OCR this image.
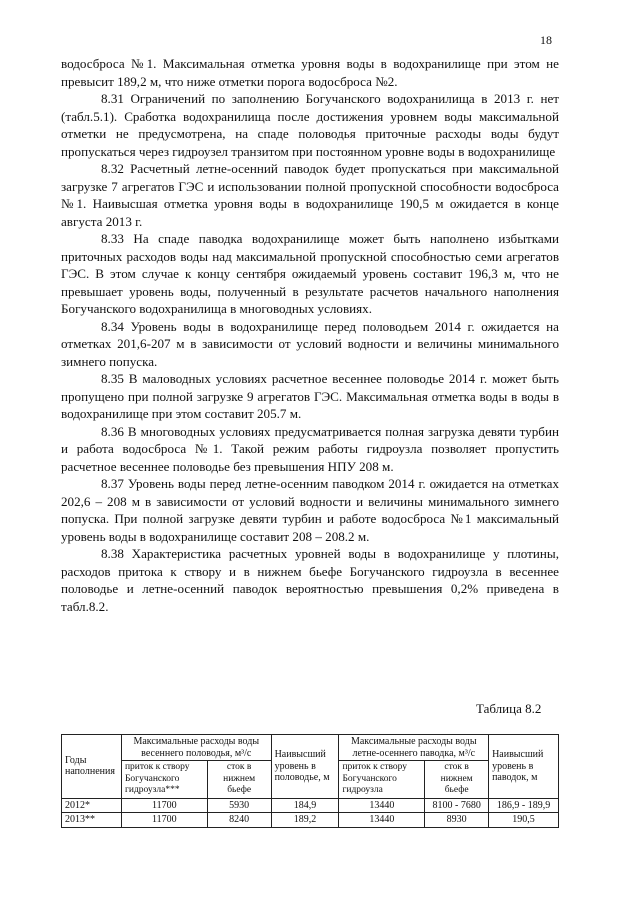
18

водосброса №1. Максимальная отметка уровня воды в водохранилище при этом не превысит 189,2 м, что ниже отметки порога водосброса №2.

8.31 Ограничений по заполнению Богучанского водохранилища в 2013 г. нет (табл.5.1). Сработка водохранилища после достижения уровнем воды максимальной отметки не предусмотрена, на спаде половодья приточные расходы воды будут пропускаться через гидроузел транзитом при постоянном уровне воды в водохранилище

8.32 Расчетный летне-осенний паводок будет пропускаться при максимальной загрузке 7 агрегатов ГЭС и использовании полной пропускной способности водосброса №1. Наивысшая отметка уровня воды в водохранилище 190,5 м ожидается в конце августа 2013 г.

8.33 На спаде паводка водохранилище может быть наполнено избытками приточных расходов воды над максимальной пропускной способностью семи агрегатов ГЭС. В этом случае к концу сентября ожидаемый уровень составит 196,3 м, что не превышает уровень воды, полученный в результате расчетов начального наполнения Богучанского водохранилища в многоводных условиях.

8.34 Уровень воды в водохранилище перед половодьем 2014 г. ожидается на отметках 201,6-207 м в зависимости от условий водности и величины минимального зимнего попуска.

8.35 В маловодных условиях расчетное весеннее половодье 2014 г. может быть пропущено при полной загрузке 9 агрегатов ГЭС. Максимальная отметка воды в воды в водохранилище при этом составит 205.7 м.

8.36 В многоводных условиях предусматривается полная загрузка девяти турбин и работа водосброса №1. Такой режим работы гидроузла позволяет пропустить расчетное весеннее половодье без превышения НПУ 208 м.

8.37 Уровень воды перед летне-осенним паводком 2014 г. ожидается на отметках 202,6 – 208 м в зависимости от условий водности и величины минимального зимнего попуска. При полной загрузке девяти турбин и работе водосброса №1 максимальный уровень воды в водохранилище составит 208 – 208.2 м.

8.38 Характеристика расчетных уровней воды в водохранилище у плотины, расходов притока к створу и в нижнем бьефе Богучанского гидроузла в весеннее половодье и летне-осенний паводок вероятностью превышения 0,2% приведена в табл.8.2.

Таблица 8.2
Годы наполнения	Максимальные расходы воды весеннего половодья, м³/с		Наивысший уровень в половодье, м	Максимальные расходы воды летне-осеннего паводка, м³/с		Наивысший уровень в паводок, м
	приток к створу Богучанского гидроузла***	сток в нижнем бьефе		приток к створу Богучанского гидроузла	сток в нижнем бьефе	
2012*	11700	5930	184,9	13440	8100 - 7680	186,9 - 189,9
2013**	11700	8240	189,2	13440	8930	190,5
